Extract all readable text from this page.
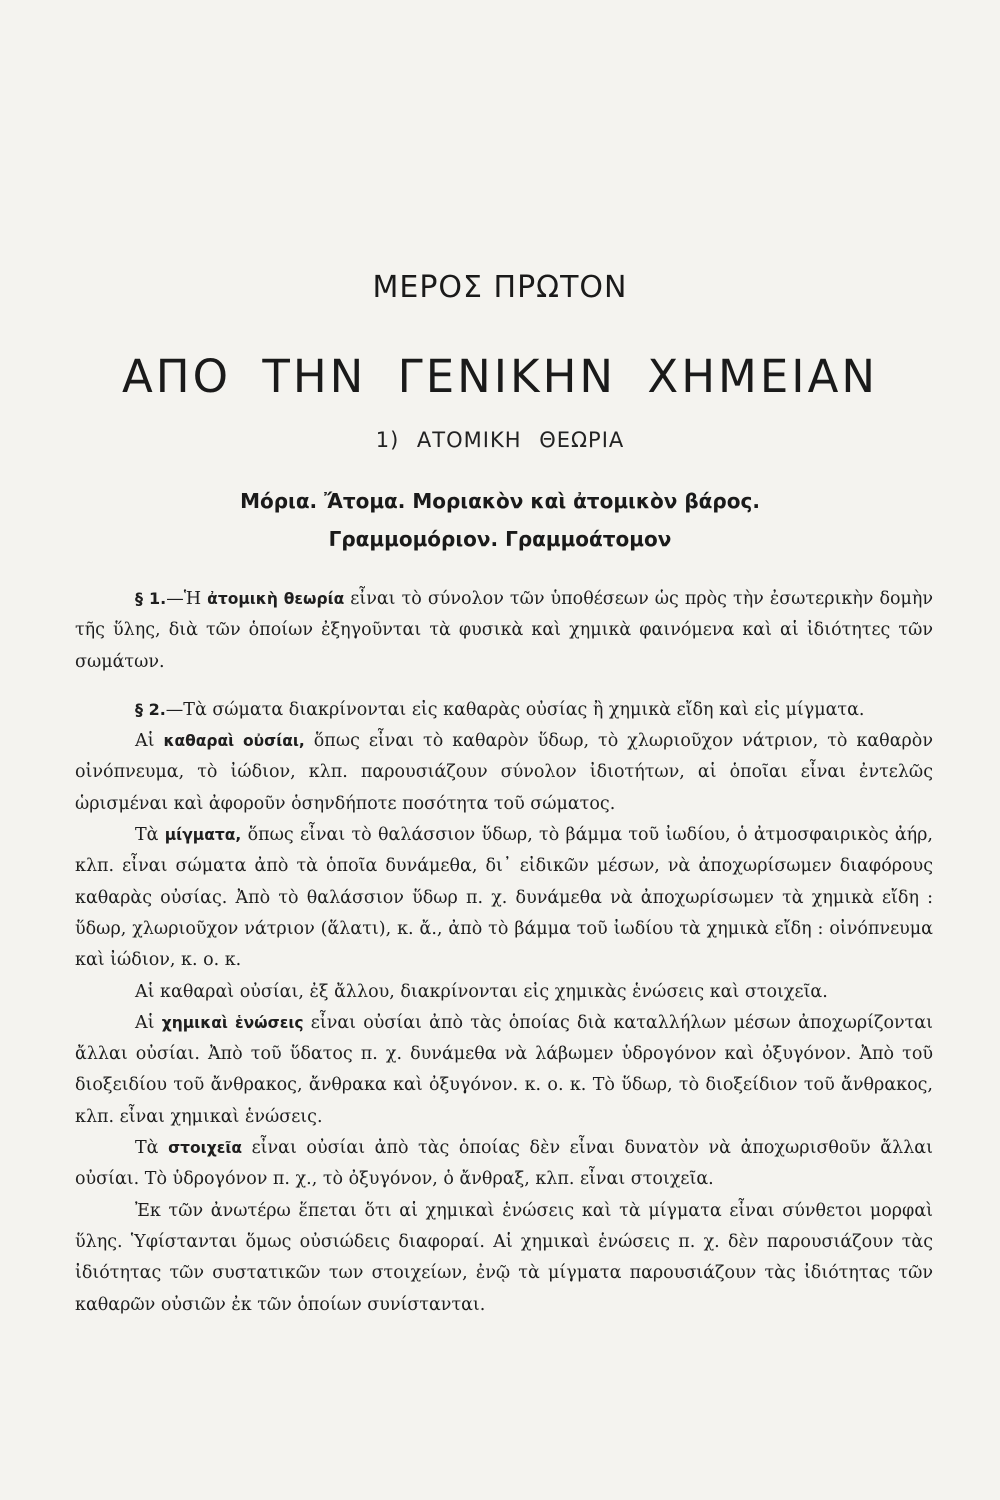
ΜΕΡΟΣ ΠΡΩΤΟΝ
ΑΠΟ ΤΗΝ ΓΕΝΙΚΗΝ ΧΗΜΕΙΑΝ
1) ΑΤΟΜΙΚΗ ΘΕΩΡΙΑ
Μόρια. Ἄτομα. Μοριακὸν καὶ ἀτομικὸν βάρος.
Γραμμομόριον. Γραμμοάτομον

§ 1.—Ἡ ἀτομικὴ θεωρία εἶναι τὸ σύνολον τῶν ὑποθέσεων ὡς πρὸς τὴν ἐσωτερικὴν δομὴν τῆς ὕλης, διὰ τῶν ὁποίων ἐξηγοῦνται τὰ φυσικὰ καὶ χημικὰ φαινόμενα καὶ αἱ ἰδιότητες τῶν σωμάτων.

§ 2.—Τὰ σώματα διακρίνονται εἰς καθαρὰς οὐσίας ἢ χημικὰ εἴδη καὶ εἰς μίγματα.

Αἱ καθαραὶ οὐσίαι, ὅπως εἶναι τὸ καθαρὸν ὕδωρ, τὸ χλωριοῦχον νάτριον, τὸ καθαρὸν οἰνόπνευμα, τὸ ἰώδιον, κλπ. παρουσιάζουν σύνολον ἰδιοτήτων, αἱ ὁποῖαι εἶναι ἐντελῶς ὡρισμέναι καὶ ἀφοροῦν ὁσηνδήποτε ποσότητα τοῦ σώματος.

Τὰ μίγματα, ὅπως εἶναι τὸ θαλάσσιον ὕδωρ, τὸ βάμμα τοῦ ἰωδίου, ὁ ἀτμοσφαιρικὸς ἀήρ, κλπ. εἶναι σώματα ἀπὸ τὰ ὁποῖα δυνάμεθα, δι᾽ εἰδικῶν μέσων, νὰ ἀποχωρίσωμεν διαφόρους καθαρὰς οὐσίας. Ἀπὸ τὸ θαλάσσιον ὕδωρ π. χ. δυνάμεθα νὰ ἀποχωρίσωμεν τὰ χημικὰ εἴδη : ὕδωρ, χλωριοῦχον νάτριον (ἅλατι), κ. ἄ., ἀπὸ τὸ βάμμα τοῦ ἰωδίου τὰ χημικὰ εἴδη : οἰνόπνευμα καὶ ἰώδιον, κ. ο. κ.

Αἱ καθαραὶ οὐσίαι, ἐξ ἄλλου, διακρίνονται εἰς χημικὰς ἑνώσεις καὶ στοιχεῖα.

Αἱ χημικαὶ ἑνώσεις εἶναι οὐσίαι ἀπὸ τὰς ὁποίας διὰ καταλλήλων μέσων ἀποχωρίζονται ἄλλαι οὐσίαι. Ἀπὸ τοῦ ὕδατος π. χ. δυνάμεθα νὰ λάβωμεν ὑδρογόνον καὶ ὀξυγόνον. Ἀπὸ τοῦ διοξειδίου τοῦ ἄνθρακος, ἄνθρακα καὶ ὀξυγόνον. κ. ο. κ. Τὸ ὕδωρ, τὸ διοξείδιον τοῦ ἄνθρακος, κλπ. εἶναι χημικαὶ ἑνώσεις.

Τὰ στοιχεῖα εἶναι οὐσίαι ἀπὸ τὰς ὁποίας δὲν εἶναι δυνατὸν νὰ ἀποχωρισθοῦν ἄλλαι οὐσίαι. Τὸ ὑδρογόνον π. χ., τὸ ὀξυγόνον, ὁ ἄνθραξ, κλπ. εἶναι στοιχεῖα.

Ἐκ τῶν ἀνωτέρω ἕπεται ὅτι αἱ χημικαὶ ἑνώσεις καὶ τὰ μίγματα εἶναι σύνθετοι μορφαὶ ὕλης. Ὑφίστανται ὅμως οὐσιώδεις διαφοραί. Αἱ χημικαὶ ἑνώσεις π. χ. δὲν παρουσιάζουν τὰς ἰδιότητας τῶν συστατικῶν των στοιχείων, ἐνῷ τὰ μίγματα παρουσιάζουν τὰς ἰδιότητας τῶν καθαρῶν οὐσιῶν ἐκ τῶν ὁποίων συνίστανται.
